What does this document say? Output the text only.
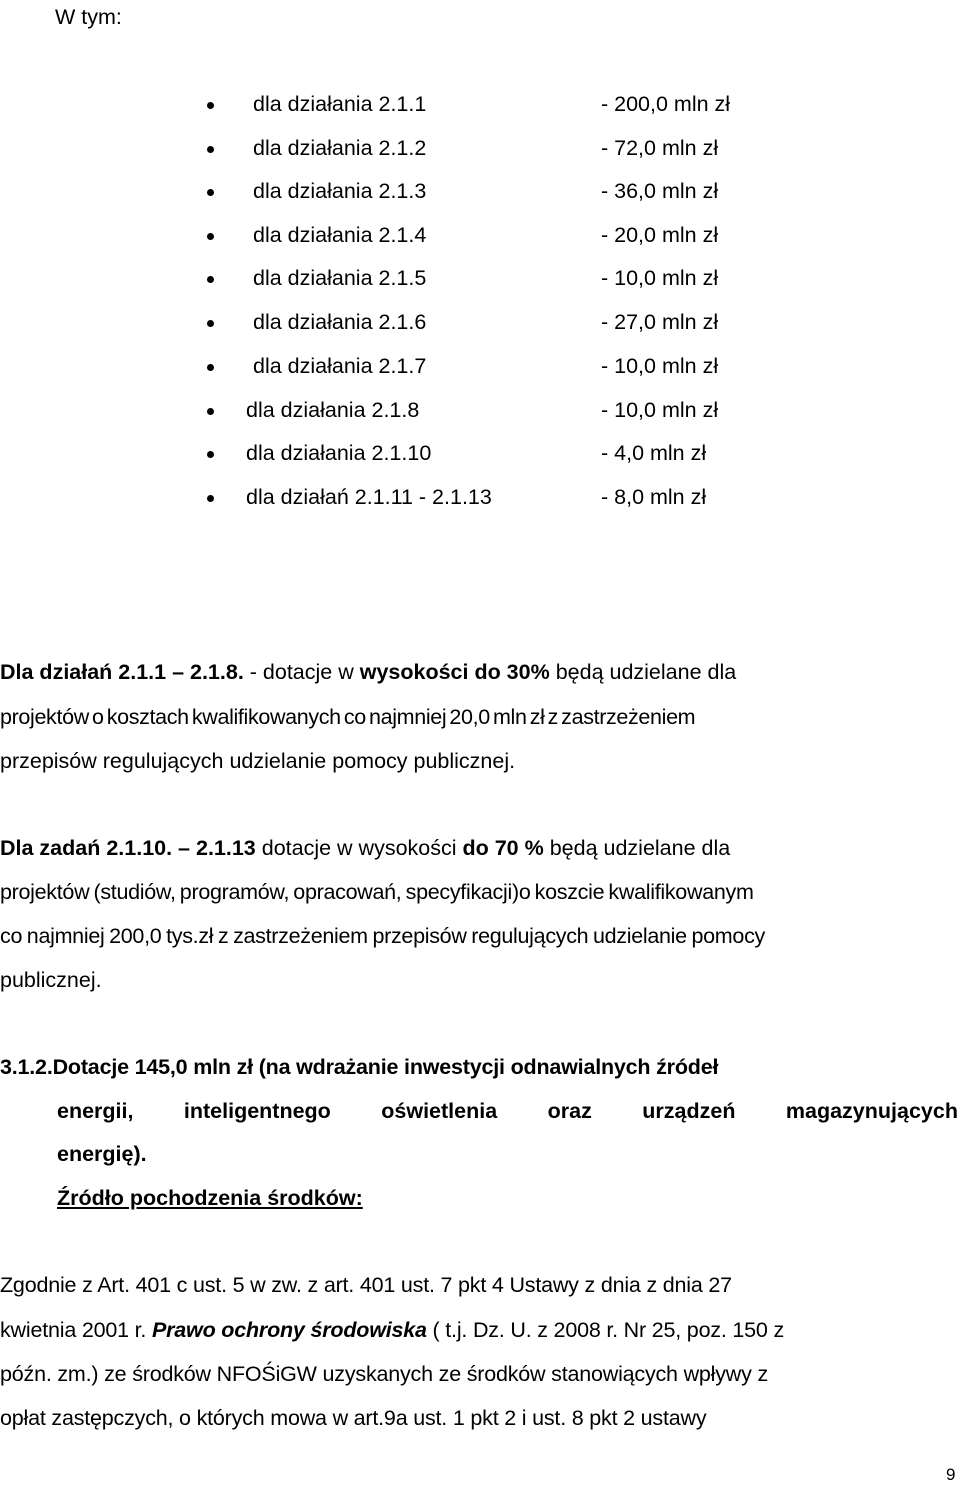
W tym:
dla działania 2.1.1	- 200,0 mln zł
dla działania 2.1.2	- 72,0 mln zł
dla działania 2.1.3	- 36,0 mln zł
dla działania 2.1.4	- 20,0 mln zł
dla działania 2.1.5	- 10,0 mln zł
dla działania 2.1.6	- 27,0 mln zł
dla działania 2.1.7	- 10,0 mln zł
dla działania 2.1.8	- 10,0 mln zł
dla działania 2.1.10	- 4,0 mln zł
dla działań 2.1.11 - 2.1.13	- 8,0 mln zł
Dla działań 2.1.1 – 2.1.8. - dotacje w wysokości do 30% będą udzielane dla
projektów o kosztach kwalifikowanych co najmniej 20,0 mln zł z zastrzeżeniem
przepisów regulujących udzielanie pomocy publicznej.
Dla zadań 2.1.10. – 2.1.13 dotacje w wysokości do 70 % będą udzielane dla
projektów (studiów, programów, opracowań, specyfikacji)o koszcie kwalifikowanym
co najmniej 200,0 tys.zł z zastrzeżeniem przepisów regulujących udzielanie pomocy
publicznej.
3.1.2.Dotacje 145,0 mln zł (na wdrażanie inwestycji odnawialnych źródeł
energii, inteligentnego oświetlenia oraz urządzeń magazynujących
energię).
Źródło pochodzenia środków:
Zgodnie z Art. 401 c ust. 5 w zw. z art. 401 ust. 7 pkt 4 Ustawy z dnia z dnia 27
kwietnia 2001 r. Prawo ochrony środowiska ( t.j. Dz. U. z 2008 r. Nr 25, poz. 150 z
późn. zm.) ze środków NFOŚiGW uzyskanych ze środków stanowiących wpływy z
opłat zastępczych, o których mowa w art.9a ust. 1 pkt 2 i ust. 8 pkt 2 ustawy
9
